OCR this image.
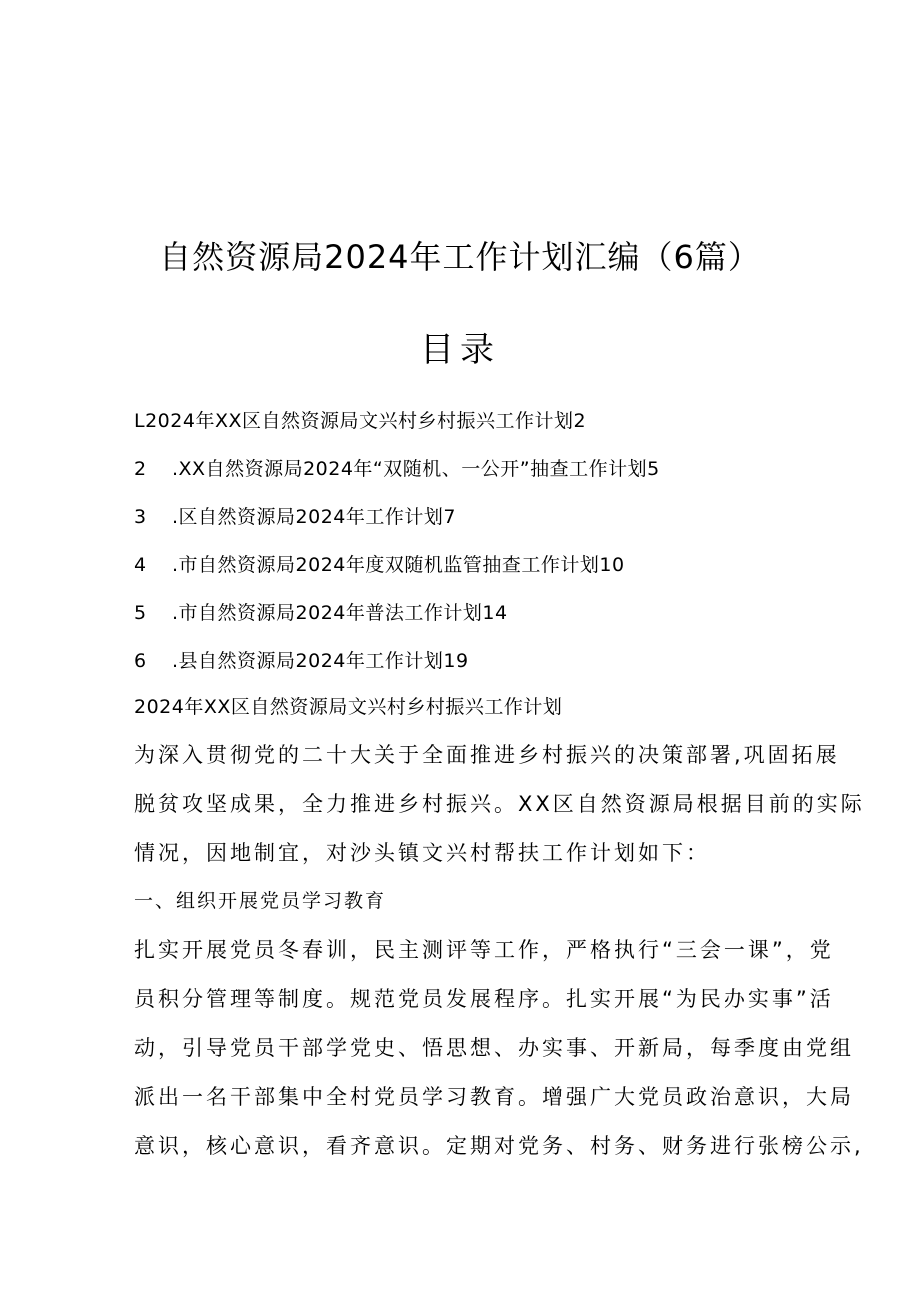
自然资源局2024年工作计划汇编（6篇）
目录
L2024年XX区自然资源局文兴村乡村振兴工作计划2
2 .XX自然资源局2024年“双随机、一公开”抽查工作计划5
3 .区自然资源局2024年工作计划7
4 .市自然资源局2024年度双随机监管抽查工作计划10
5 .市自然资源局2024年普法工作计划14
6 .县自然资源局2024年工作计划19
2024年XX区自然资源局文兴村乡村振兴工作计划
为深入贯彻党的二十大关于全面推进乡村振兴的决策部署,巩固拓展
脱贫攻坚成果，全力推进乡村振兴。XX区自然资源局根据目前的实际
情况，因地制宜，对沙头镇文兴村帮扶工作计划如下：
一、组织开展党员学习教育
扎实开展党员冬春训，民主测评等工作，严格执行“三会一课”，党
员积分管理等制度。规范党员发展程序。扎实开展“为民办实事”活
动，引导党员干部学党史、悟思想、办实事、开新局，每季度由党组
派出一名干部集中全村党员学习教育。增强广大党员政治意识，大局
意识，核心意识，看齐意识。定期对党务、村务、财务进行张榜公示,
